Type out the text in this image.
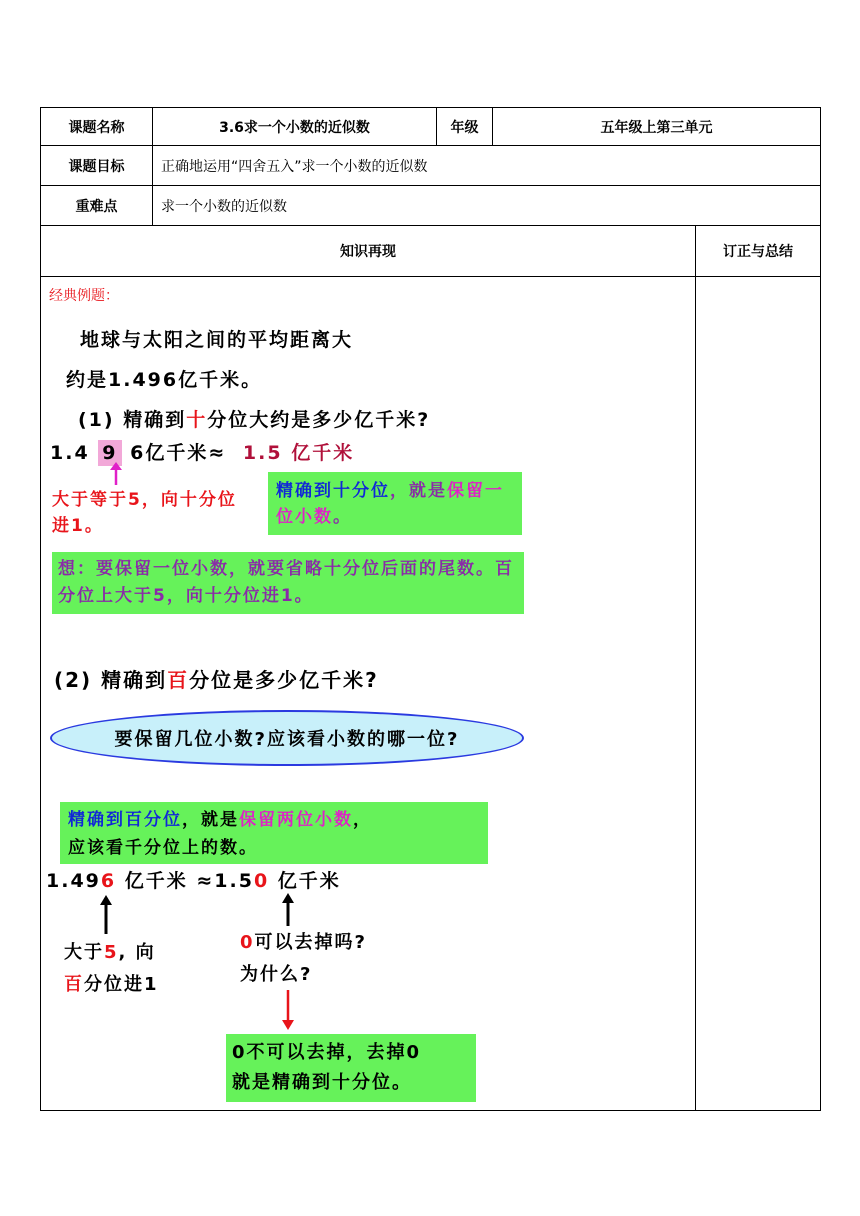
课题名称	3.6求一个小数的近似数	年级	五年级上第三单元	
课题目标	正确地运用“四舍五入”求一个小数的近似数			
重难点	求一个小数的近似数			
知识再现				订正与总结

经典例题：
地球与太阳之间的平均距离大
约是1.496亿千米。
(1) 精确到十分位大约是多少亿千米?
1.4 9 6亿千米≈ 1.5 亿千米
大于等于5，向十分位进1。
精确到十分位，就是保留一位小数。
想：要保留一位小数，就要省略十分位后面的尾数。百分位上大于5，向十分位进1。
(2) 精确到百分位是多少亿千米?
要保留几位小数?应该看小数的哪一位?
精确到百分位，就是保留两位小数，
应该看千分位上的数。
1.496 亿千米 ≈1.50 亿千米
大于5, 向
百分位进1
0可以去掉吗?
为什么?
0不可以去掉，去掉0
就是精确到十分位。
